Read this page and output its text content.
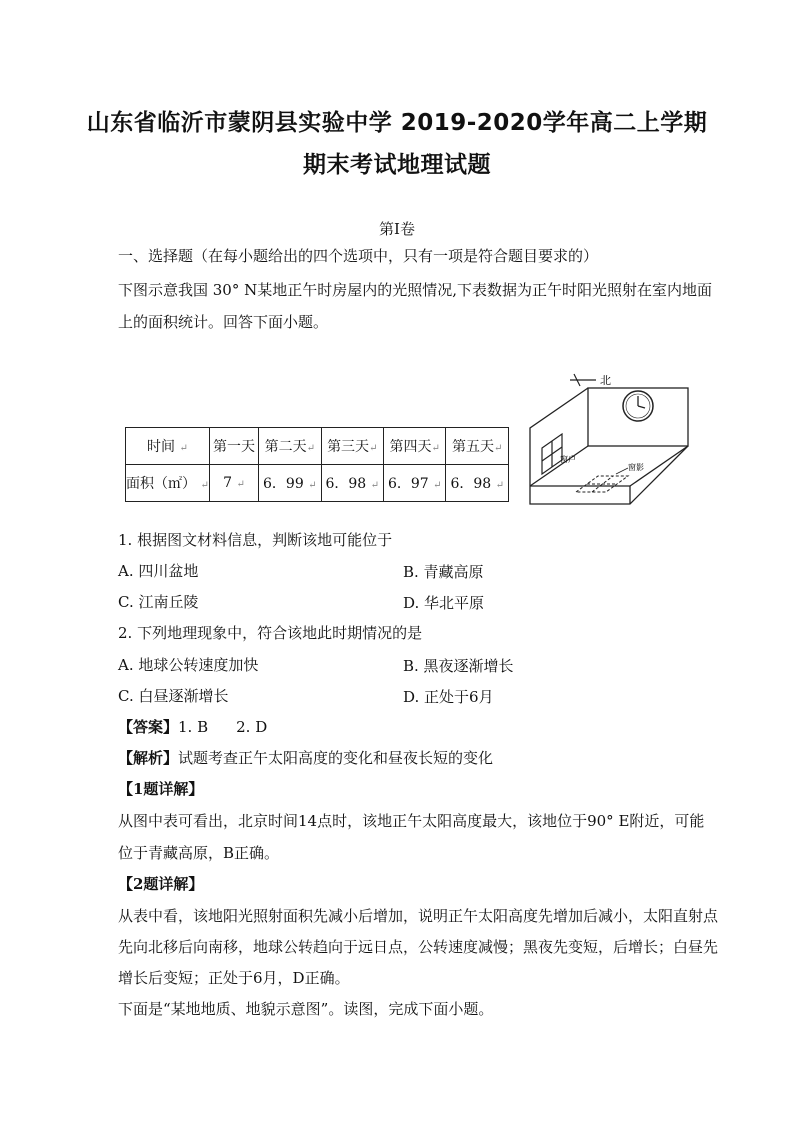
山东省临沂市蒙阴县实验中学 2019-2020学年高二上学期
期末考试地理试题
第Ⅰ卷
一、选择题（在每小题给出的四个选项中，只有一项是符合题目要求的）
下图示意我国 30° N某地正午时房屋内的光照情况,下表数据为正午时阳光照射在室内地面
上的面积统计。回答下面小题。
时间 ↵	第一天	第二天↵	第三天↵	第四天↵	第五天↵
面积（㎡） ↵	7 ↵	6．99 ↵	6．98 ↵	6．97 ↵	6．98 ↵
北
窗户
窗影
1. 根据图文材料信息，判断该地可能位于
A. 四川盆地	B. 青藏高原
C. 江南丘陵	D. 华北平原
2. 下列地理现象中，符合该地此时期情况的是
A. 地球公转速度加快	B. 黑夜逐渐增长
C. 白昼逐渐增长	D. 正处于6月
【答案】1. B 2. D
【解析】试题考查正午太阳高度的变化和昼夜长短的变化
【1题详解】
从图中表可看出，北京时间14点时，该地正午太阳高度最大，该地位于90° E附近，可能
位于青藏高原，B正确。
【2题详解】
从表中看，该地阳光照射面积先减小后增加，说明正午太阳高度先增加后减小，太阳直射点
先向北移后向南移，地球公转趋向于远日点，公转速度减慢；黑夜先变短，后增长；白昼先
增长后变短；正处于6月，D正确。
下面是“某地地质、地貌示意图”。读图，完成下面小题。
